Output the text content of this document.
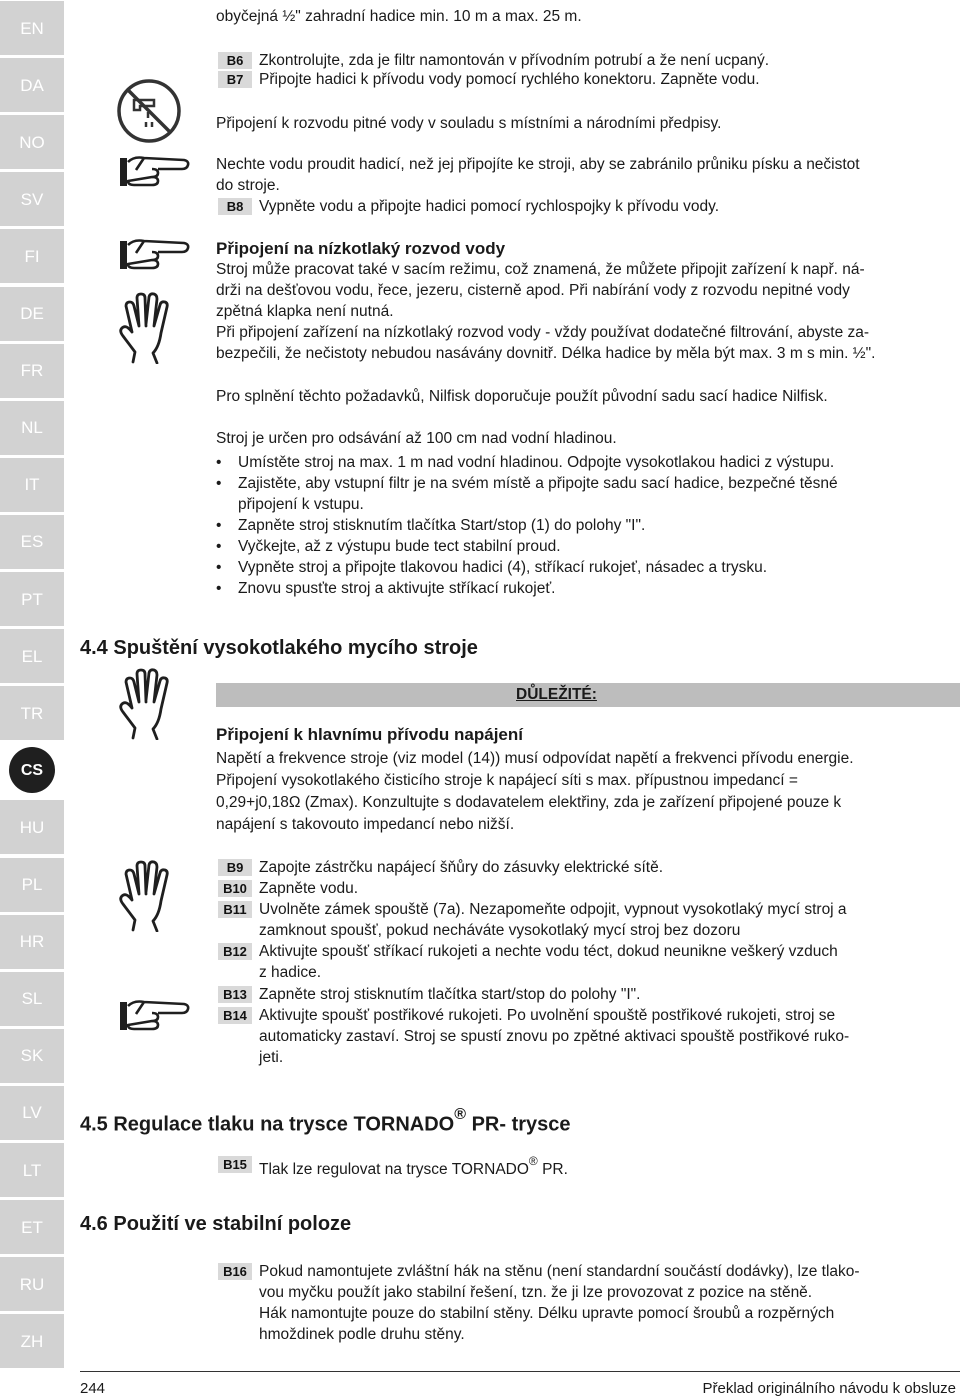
EN
DA
NO
SV
FI
DE
FR
NL
IT
ES
PT
EL
TR
CS
HU
PL
HR
SL
SK
LV
LT
ET
RU
ZH
obyčejná ½" zahradní hadice min. 10 m a max. 25 m.
B6	Zkontrolujte, zda je filtr namontován v přívodním potrubí a že není ucpaný.
B7	Připojte hadici k přívodu vody pomocí rychlého konektoru. Zapněte vodu.
Připojení k rozvodu pitné vody v souladu s místními a národními předpisy.
Nechte vodu proudit hadicí, než jej připojíte ke stroji, aby se zabránilo průniku písku a nečistot
do stroje.
B8	Vypněte vodu a připojte hadici pomocí rychlospojky k přívodu vody.
Připojení na nízkotlaký rozvod vody
Stroj může pracovat také v sacím režimu, což znamená, že můžete připojit zařízení k např. ná-
drži na dešťovou vodu, řece, jezeru, cisterně apod. Při nabírání vody z rozvodu nepitné vody
zpětná klapka není nutná.
Při připojení zařízení na nízkotlaký rozvod vody - vždy používat dodatečné filtrování, abyste za-
bezpečili, že nečistoty nebudou nasávány dovnitř. Délka hadice by měla být max. 3 m s min. ½".
Pro splnění těchto požadavků, Nilfisk doporučuje použít původní sadu sací hadice Nilfisk.
Stroj je určen pro odsávání až 100 cm nad vodní hladinou.
• Umístěte stroj na max. 1 m nad vodní hladinou. Odpojte vysokotlakou hadici z výstupu.
• Zajistěte, aby vstupní filtr je na svém místě a připojte sadu sací hadice, bezpečné těsné
připojení k vstupu.
• Zapněte stroj stisknutím tlačítka Start/stop (1) do polohy "I".
• Vyčkejte, až z výstupu bude tect stabilní proud.
• Vypněte stroj a připojte tlakovou hadici (4), stříkací rukojeť, násadec a trysku.
• Znovu spusťte stroj a aktivujte stříkací rukojeť.
4.4 Spuštění vysokotlakého mycího stroje
DŮLEŽITÉ:
Připojení k hlavnímu přívodu napájení
Napětí a frekvence stroje (viz model (14)) musí odpovídat napětí a frekvenci přívodu energie.
Připojení vysokotlakého čisticího stroje k napájecí síti s max. přípustnou impedancí =
0,29+j0,18Ω (Zmax). Konzultujte s dodavatelem elektřiny, zda je zařízení připojené pouze k
napájení s takovouto impedancí nebo nižší.
B9	Zapojte zástrčku napájecí šňůry do zásuvky elektrické sítě.
B10 Zapněte vodu.
B11 Uvolněte zámek spouště (7a). Nezapomeňte odpojit, vypnout vysokotlaký mycí stroj a
zamknout spoušť, pokud necháváte vysokotlaký mycí stroj bez dozoru
B12 Aktivujte spoušť stříkací rukojeti a nechte vodu téct, dokud neunikne veškerý vzduch
z hadice.
B13 Zapněte stroj stisknutím tlačítka start/stop do polohy "I".
B14 Aktivujte spoušť postřikové rukojeti. Po uvolnění spouště postřikové rukojeti, stroj se
automaticky zastaví. Stroj se spustí znovu po zpětné aktivaci spouště postřikové ruko-
jeti.
4.5 Regulace tlaku na trysce TORNADO® PR- trysce
B15 Tlak lze regulovat na trysce TORNADO® PR.
4.6 Použití ve stabilní poloze
B16 Pokud namontujete zvláštní hák na stěnu (není standardní součástí dodávky), lze tlako-
vou myčku použít jako stabilní řešení, tzn. že ji lze provozovat z pozice na stěně.
Hák namontujte pouze do stabilní stěny. Délku upravte pomocí šroubů a rozpěrných
hmoždinek podle druhu stěny.
244	Překlad originálního návodu k obsluze
